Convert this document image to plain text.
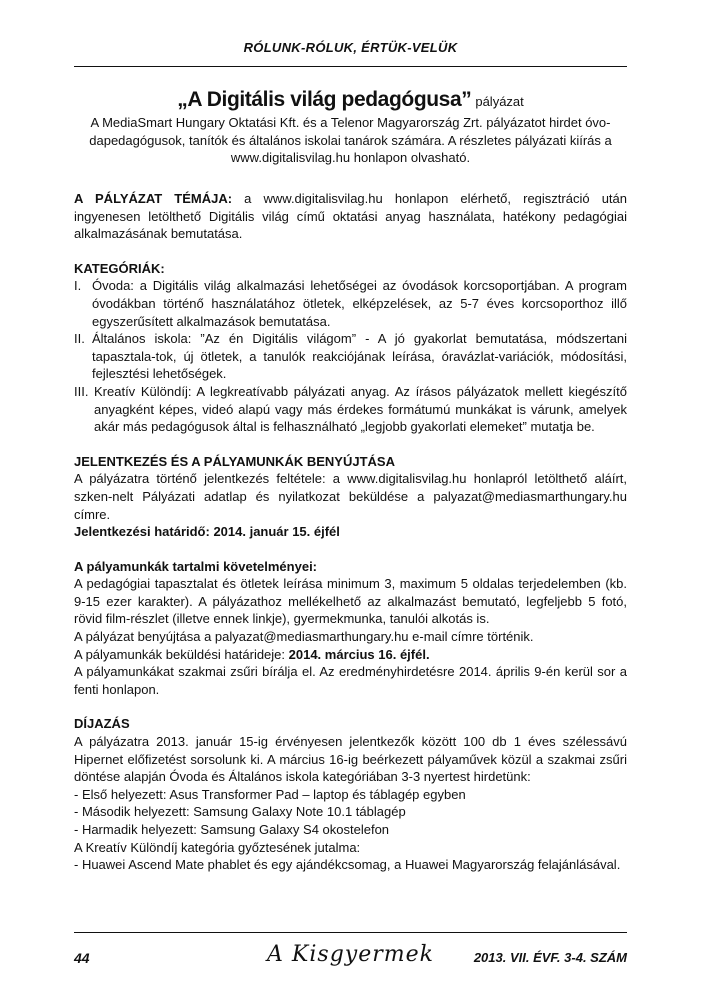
RÓLUNK-RÓLUK, ÉRTÜK-VELÜK
„A Digitális világ pedagógusa” pályázat
A MediaSmart Hungary Oktatási Kft. és a Telenor Magyarország Zrt. pályázatot hirdet óvo-dapedagógusok, tanítók és általános iskolai tanárok számára. A részletes pályázati kiírás a www.digitalisvilag.hu honlapon olvasható.

A PÁLYÁZAT TÉMÁJA: a www.digitalisvilag.hu honlapon elérhető, regisztráció után ingyenesen letölthető Digitális világ című oktatási anyag használata, hatékony pedagógiai alkalmazásának bemutatása.

KATEGÓRIÁK:

I. Óvoda: a Digitális világ alkalmazási lehetőségei az óvodások korcsoportjában. A program óvodákban történő használatához ötletek, elképzelések, az 5-7 éves korcsoporthoz illő egyszerűsített alkalmazások bemutatása.
II. Általános iskola: ”Az én Digitális világom” - A jó gyakorlat bemutatása, módszertani tapasztala-tok, új ötletek, a tanulók reakciójának leírása, óravázlat-variációk, módosítási, fejlesztési lehetőségek.
III. Kreatív Különdíj: A legkreatívabb pályázati anyag. Az írásos pályázatok mellett kiegészítő anyagként képes, videó alapú vagy más érdekes formátumú munkákat is várunk, amelyek akár más pedagógusok által is felhasználható „legjobb gyakorlati elemeket” mutatja be.

JELENTKEZÉS ÉS A PÁLYAMUNKÁK BENYÚJTÁSA

A pályázatra történő jelentkezés feltétele: a www.digitalisvilag.hu honlapról letölthető aláírt, szken-nelt Pályázati adatlap és nyilatkozat beküldése a palyazat@mediasmarthungary.hu címre.

Jelentkezési határidő: 2014. január 15. éjfél

A pályamunkák tartalmi követelményei:

A pedagógiai tapasztalat és ötletek leírása minimum 3, maximum 5 oldalas terjedelemben (kb. 9-15 ezer karakter). A pályázathoz mellékelhető az alkalmazást bemutató, legfeljebb 5 fotó, rövid film-részlet (illetve ennek linkje), gyermekmunka, tanulói alkotás is.

A pályázat benyújtása a palyazat@mediasmarthungary.hu e-mail címre történik.

A pályamunkák beküldési határideje: 2014. március 16. éjfél.

A pályamunkákat szakmai zsűri bírálja el. Az eredményhirdetésre 2014. április 9-én kerül sor a fenti honlapon.

DÍJAZÁS

A pályázatra 2013. január 15-ig érvényesen jelentkezők között 100 db 1 éves szélessávú Hipernet előfizetést sorsolunk ki. A március 16-ig beérkezett pályaművek közül a szakmai zsűri döntése alapján Óvoda és Általános iskola kategóriában 3-3 nyertest hirdetünk:

- Első helyezett: Asus Transformer Pad – laptop és táblagép egyben

- Második helyezett: Samsung Galaxy Note 10.1 táblagép

- Harmadik helyezett: Samsung Galaxy S4 okostelefon

A Kreatív Különdíj kategória győztesének jutalma:

- Huawei Ascend Mate phablet és egy ajándékcsomag, a Huawei Magyarország felajánlásával.

44	A Kisgyermek	2013. VII. ÉVF. 3-4. SZÁM
